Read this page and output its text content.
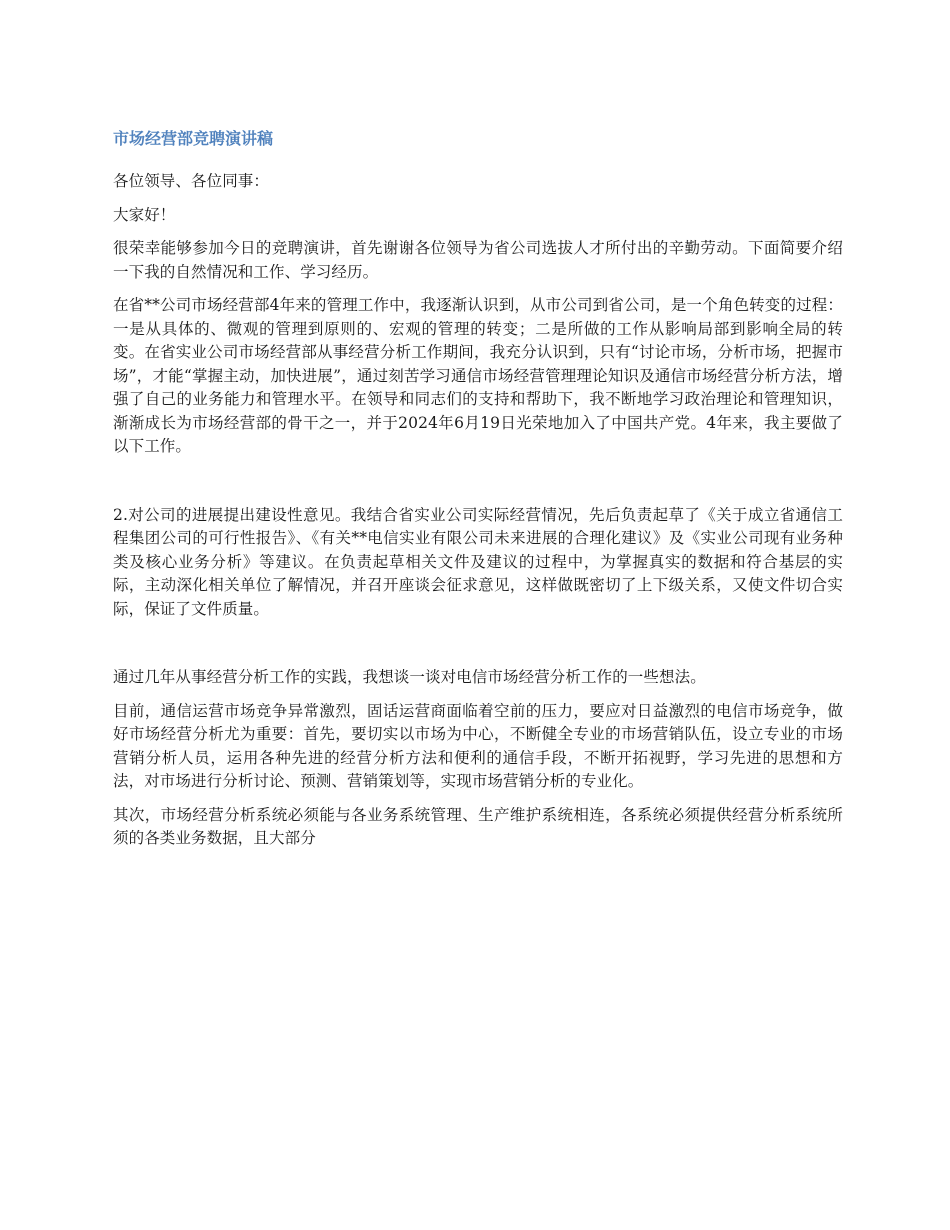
市场经营部竞聘演讲稿

各位领导、各位同事：

大家好！

很荣幸能够参加今日的竞聘演讲，首先谢谢各位领导为省公司选拔人才所付出的辛勤劳动。下面简要介绍一下我的自然情况和工作、学习经历。

在省**公司市场经营部4年来的管理工作中，我逐渐认识到，从市公司到省公司，是一个角色转变的过程：一是从具体的、微观的管理到原则的、宏观的管理的转变；二是所做的工作从影响局部到影响全局的转变。在省实业公司市场经营部从事经营分析工作期间，我充分认识到，只有“讨论市场，分析市场，把握市场”，才能“掌握主动，加快进展”，通过刻苦学习通信市场经营管理理论知识及通信市场经营分析方法，增强了自己的业务能力和管理水平。在领导和同志们的支持和帮助下，我不断地学习政治理论和管理知识，渐渐成长为市场经营部的骨干之一，并于2024年6月19日光荣地加入了中国共产党。4年来，我主要做了以下工作。

2.对公司的进展提出建设性意见。我结合省实业公司实际经营情况，先后负责起草了《关于成立省通信工程集团公司的可行性报告》、《有关**电信实业有限公司未来进展的合理化建议》及《实业公司现有业务种类及核心业务分析》等建议。在负责起草相关文件及建议的过程中，为掌握真实的数据和符合基层的实际，主动深化相关单位了解情况，并召开座谈会征求意见，这样做既密切了上下级关系，又使文件切合实际，保证了文件质量。

通过几年从事经营分析工作的实践，我想谈一谈对电信市场经营分析工作的一些想法。

目前，通信运营市场竞争异常激烈，固话运营商面临着空前的压力，要应对日益激烈的电信市场竞争，做好市场经营分析尤为重要：首先，要切实以市场为中心，不断健全专业的市场营销队伍，设立专业的市场营销分析人员，运用各种先进的经营分析方法和便利的通信手段，不断开拓视野，学习先进的思想和方法，对市场进行分析讨论、预测、营销策划等，实现市场营销分析的专业化。

其次，市场经营分析系统必须能与各业务系统管理、生产维护系统相连，各系统必须提供经营分析系统所须的各类业务数据，且大部分
